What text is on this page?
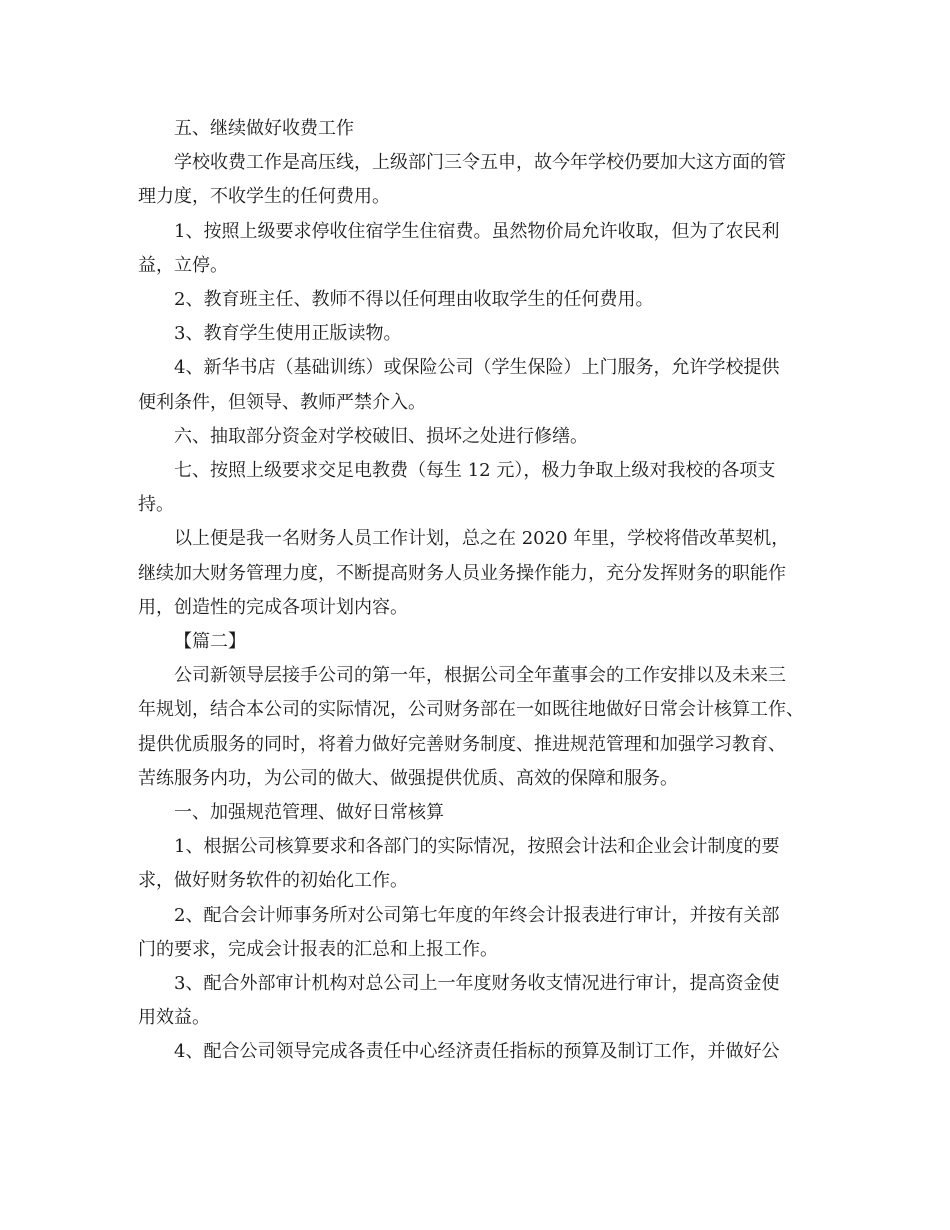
五、继续做好收费工作

学校收费工作是高压线，上级部门三令五申，故今年学校仍要加大这方面的管
理力度，不收学生的任何费用。

1、按照上级要求停收住宿学生住宿费。虽然物价局允许收取，但为了农民利
益，立停。

2、教育班主任、教师不得以任何理由收取学生的任何费用。

3、教育学生使用正版读物。

4、新华书店（基础训练）或保险公司（学生保险）上门服务，允许学校提供
便利条件，但领导、教师严禁介入。

六、抽取部分资金对学校破旧、损坏之处进行修缮。

七、按照上级要求交足电教费（每生 12 元），极力争取上级对我校的各项支
持。

以上便是我一名财务人员工作计划，总之在 2020 年里，学校将借改革契机，
继续加大财务管理力度，不断提高财务人员业务操作能力，充分发挥财务的职能作
用，创造性的完成各项计划内容。

【篇二】

公司新领导层接手公司的第一年，根据公司全年董事会的工作安排以及未来三
年规划，结合本公司的实际情况，公司财务部在一如既往地做好日常会计核算工作、
提供优质服务的同时，将着力做好完善财务制度、推进规范管理和加强学习教育、
苦练服务内功，为公司的做大、做强提供优质、高效的保障和服务。

一、加强规范管理、做好日常核算

1、根据公司核算要求和各部门的实际情况，按照会计法和企业会计制度的要
求，做好财务软件的初始化工作。

2、配合会计师事务所对公司第七年度的年终会计报表进行审计，并按有关部
门的要求，完成会计报表的汇总和上报工作。

3、配合外部审计机构对总公司上一年度财务收支情况进行审计，提高资金使
用效益。

4、配合公司领导完成各责任中心经济责任指标的预算及制订工作，并做好公
